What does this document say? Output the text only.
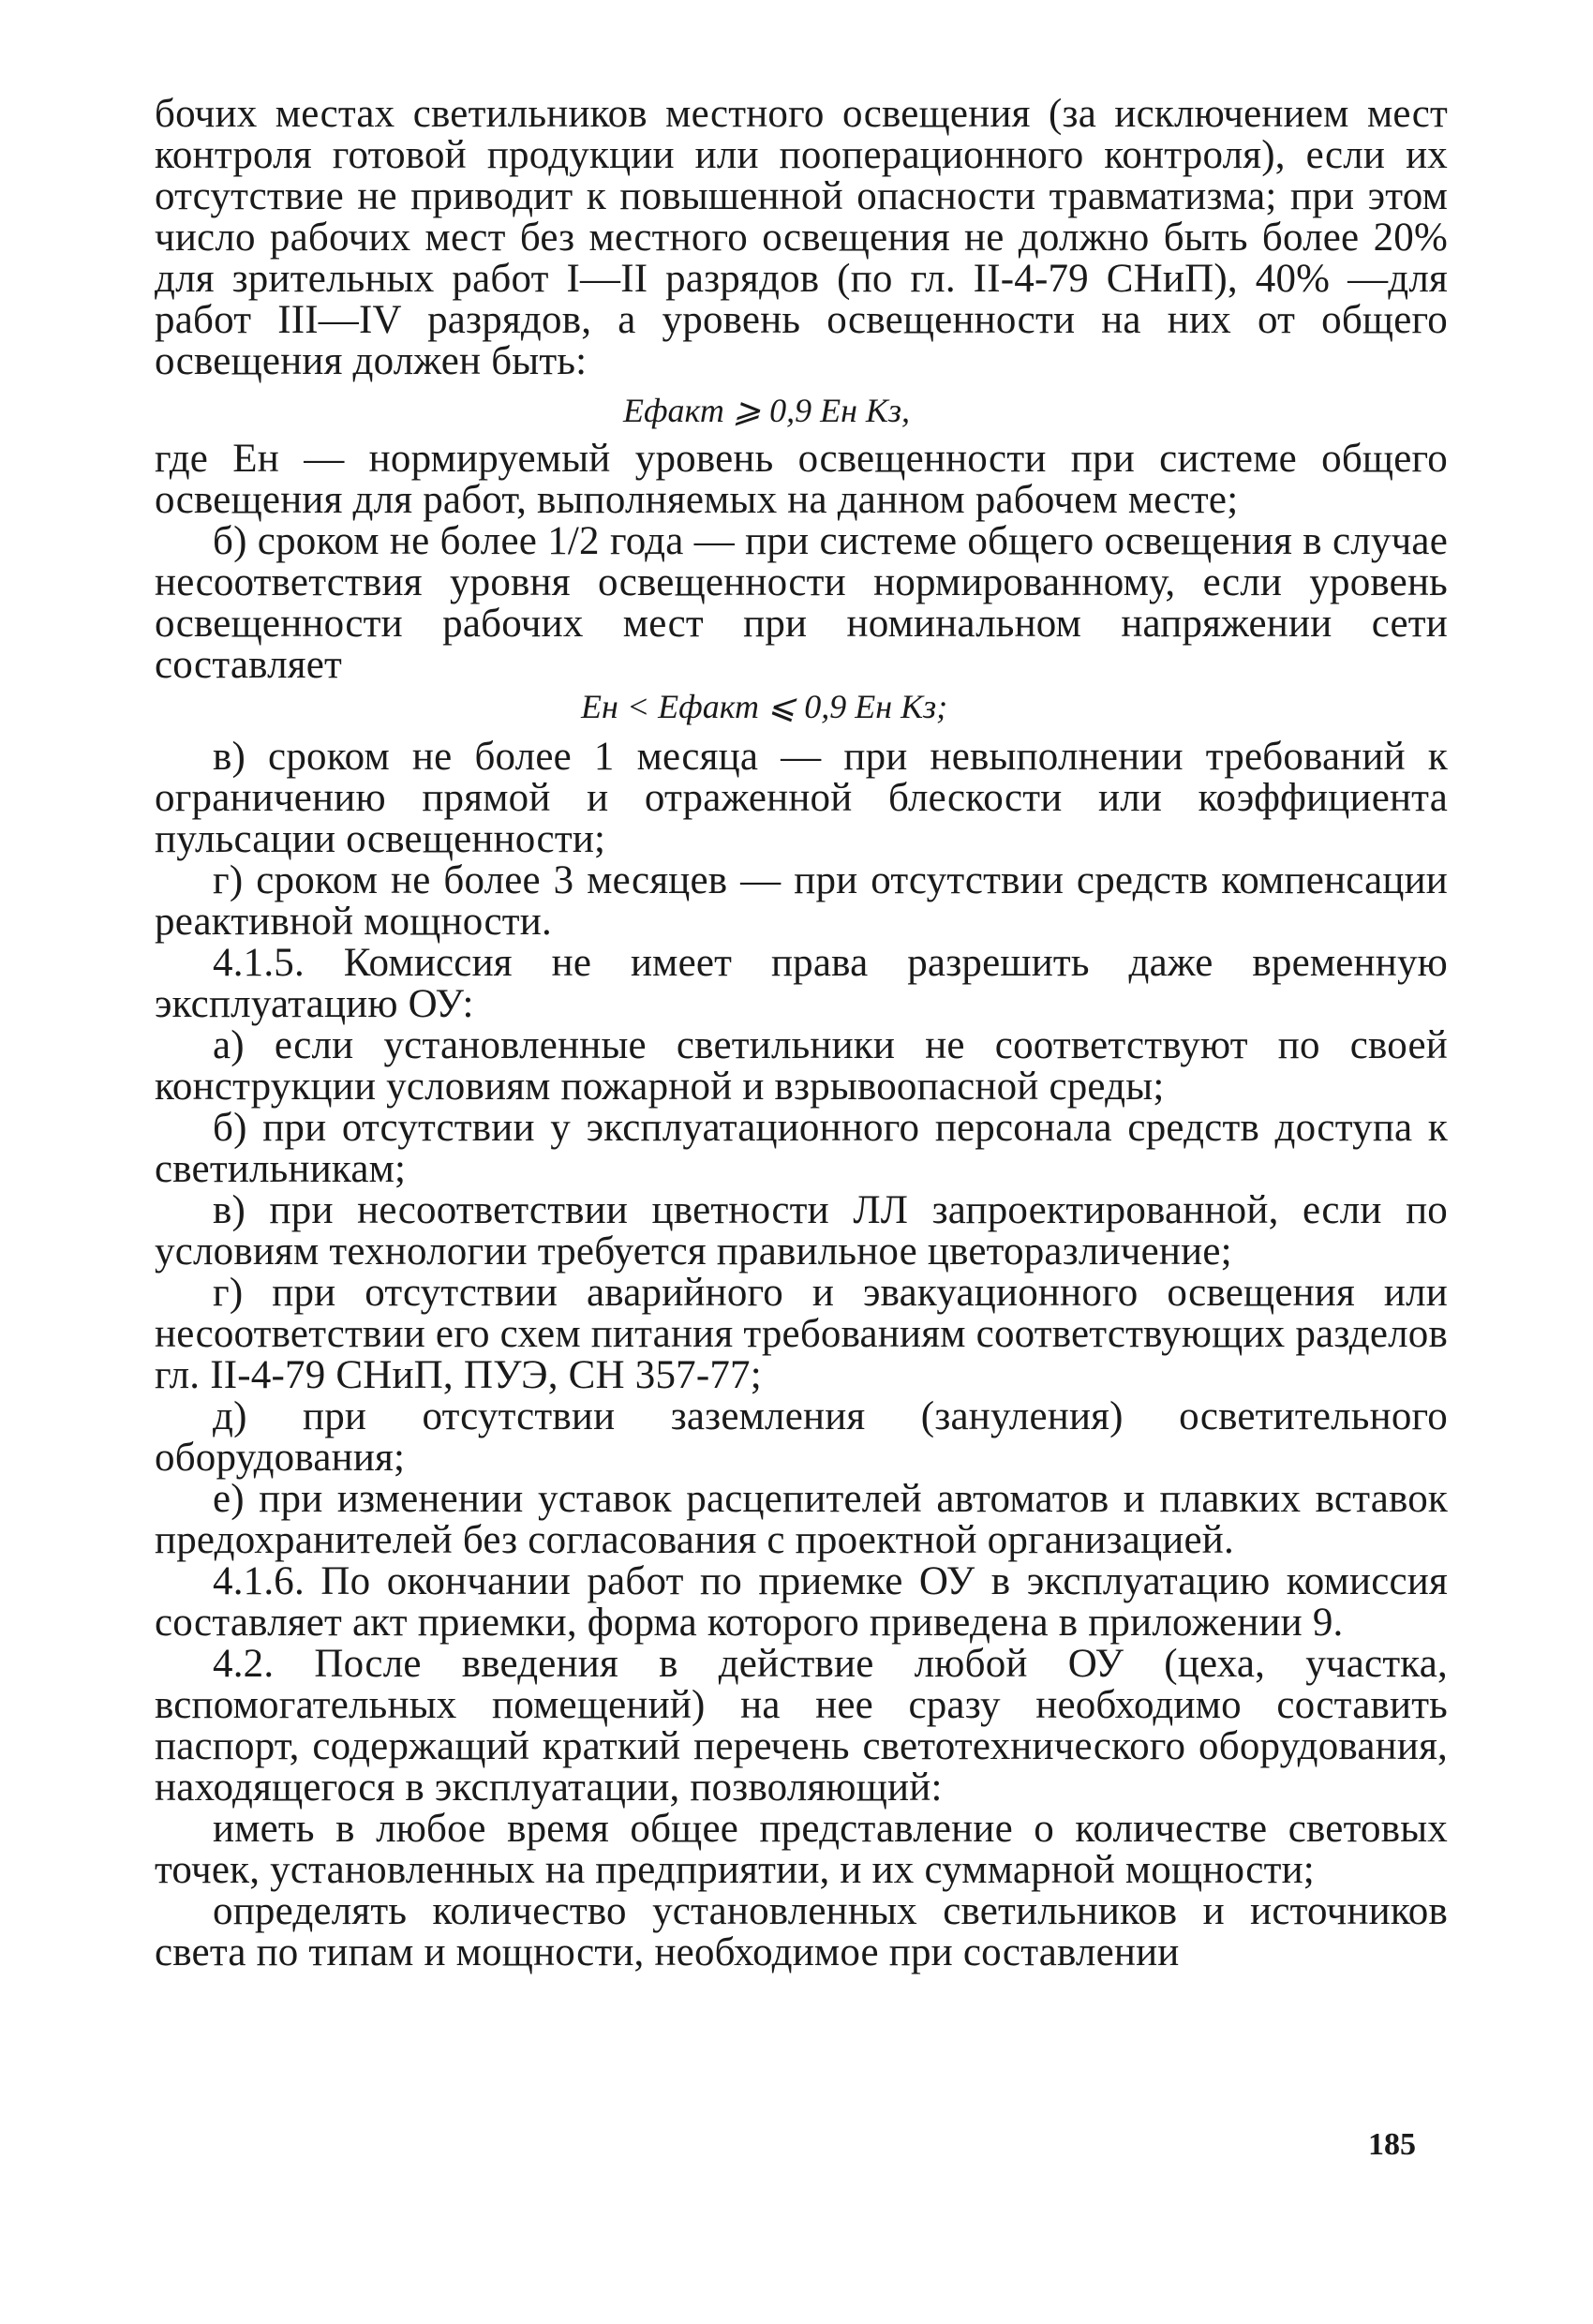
бочих местах светильников местного освещения (за исключением мест контроля готовой продукции или пооперационного контроля), если их отсутствие не приводит к повышенной опасности травматизма; при этом число рабочих мест без местного освещения не должно быть более 20% для зрительных работ I—II разрядов (по гл. II-4-79 СНиП), 40% —для работ III—IV разрядов, а уровень освещенности на них от общего освещения должен быть:

Eфакт ⩾ 0,9 Eн Kз,

где Eн — нормируемый уровень освещенности при системе общего освещения для работ, выполняемых на данном рабочем месте;

б) сроком не более 1/2 года — при системе общего освещения в случае несоответствия уровня освещенности нормированному, если уровень освещенности рабочих мест при номинальном напряжении сети составляет

Eн < Eфакт ⩽ 0,9 Eн Kз;

в) сроком не более 1 месяца — при невыполнении требований к ограничению прямой и отраженной блескости или коэффициента пульсации освещенности;

г) сроком не более 3 месяцев — при отсутствии средств компенсации реактивной мощности.

4.1.5. Комиссия не имеет права разрешить даже временную эксплуатацию ОУ:

а) если установленные светильники не соответствуют по своей конструкции условиям пожарной и взрывоопасной среды;

б) при отсутствии у эксплуатационного персонала средств доступа к светильникам;

в) при несоответствии цветности ЛЛ запроектированной, если по условиям технологии требуется правильное цветоразличение;

г) при отсутствии аварийного и эвакуационного освещения или несоответствии его схем питания требованиям соответствующих разделов гл. II-4-79 СНиП, ПУЭ, СН 357-77;

д) при отсутствии заземления (зануления) осветительного оборудования;

е) при изменении уставок расцепителей автоматов и плавких вставок предохранителей без согласования с проектной организацией.

4.1.6. По окончании работ по приемке ОУ в эксплуатацию комиссия составляет акт приемки, форма которого приведена в приложении 9.

4.2. После введения в действие любой ОУ (цеха, участка, вспомогательных помещений) на нее сразу необходимо составить паспорт, содержащий краткий перечень светотехнического оборудования, находящегося в эксплуатации, позволяющий:

иметь в любое время общее представление о количестве световых точек, установленных на предприятии, и их суммарной мощности;

определять количество установленных светильников и источников света по типам и мощности, необходимое при составлении

185
